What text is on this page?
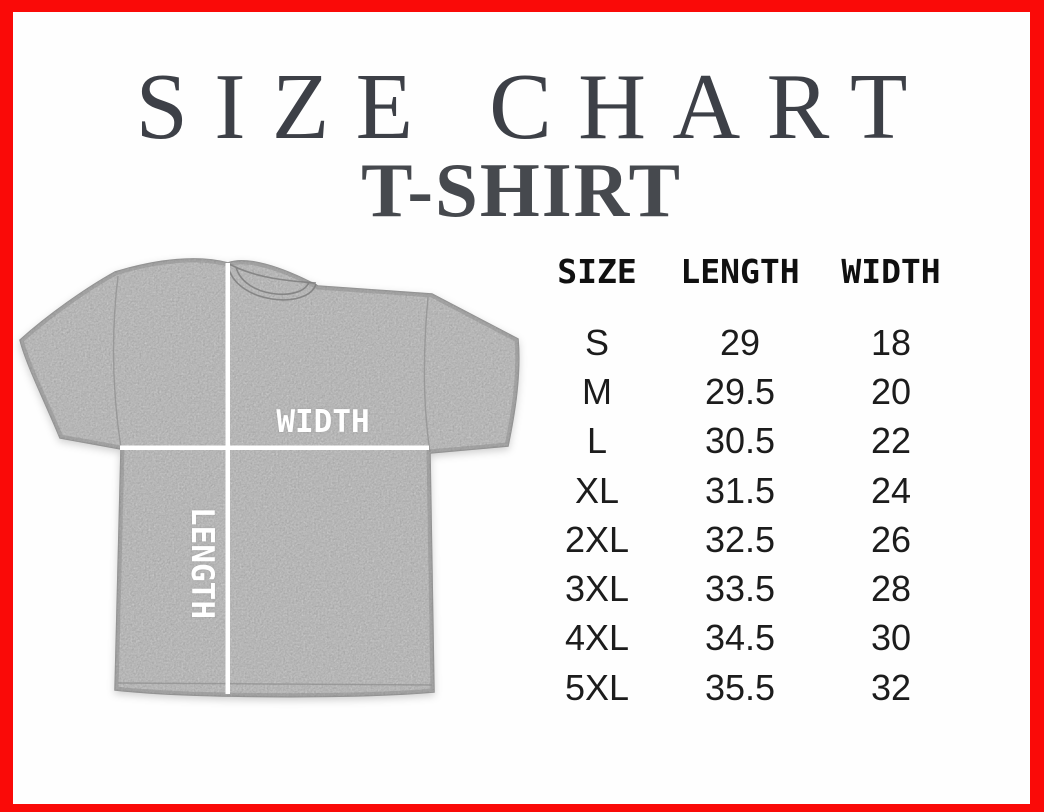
SIZE CHART
T-SHIRT
WIDTH
LENGTH
SIZE	LENGTH	WIDTH
S	29	18
M	29.5	20
L	30.5	22
XL	31.5	24
2XL	32.5	26
3XL	33.5	28
4XL	34.5	30
5XL	35.5	32
